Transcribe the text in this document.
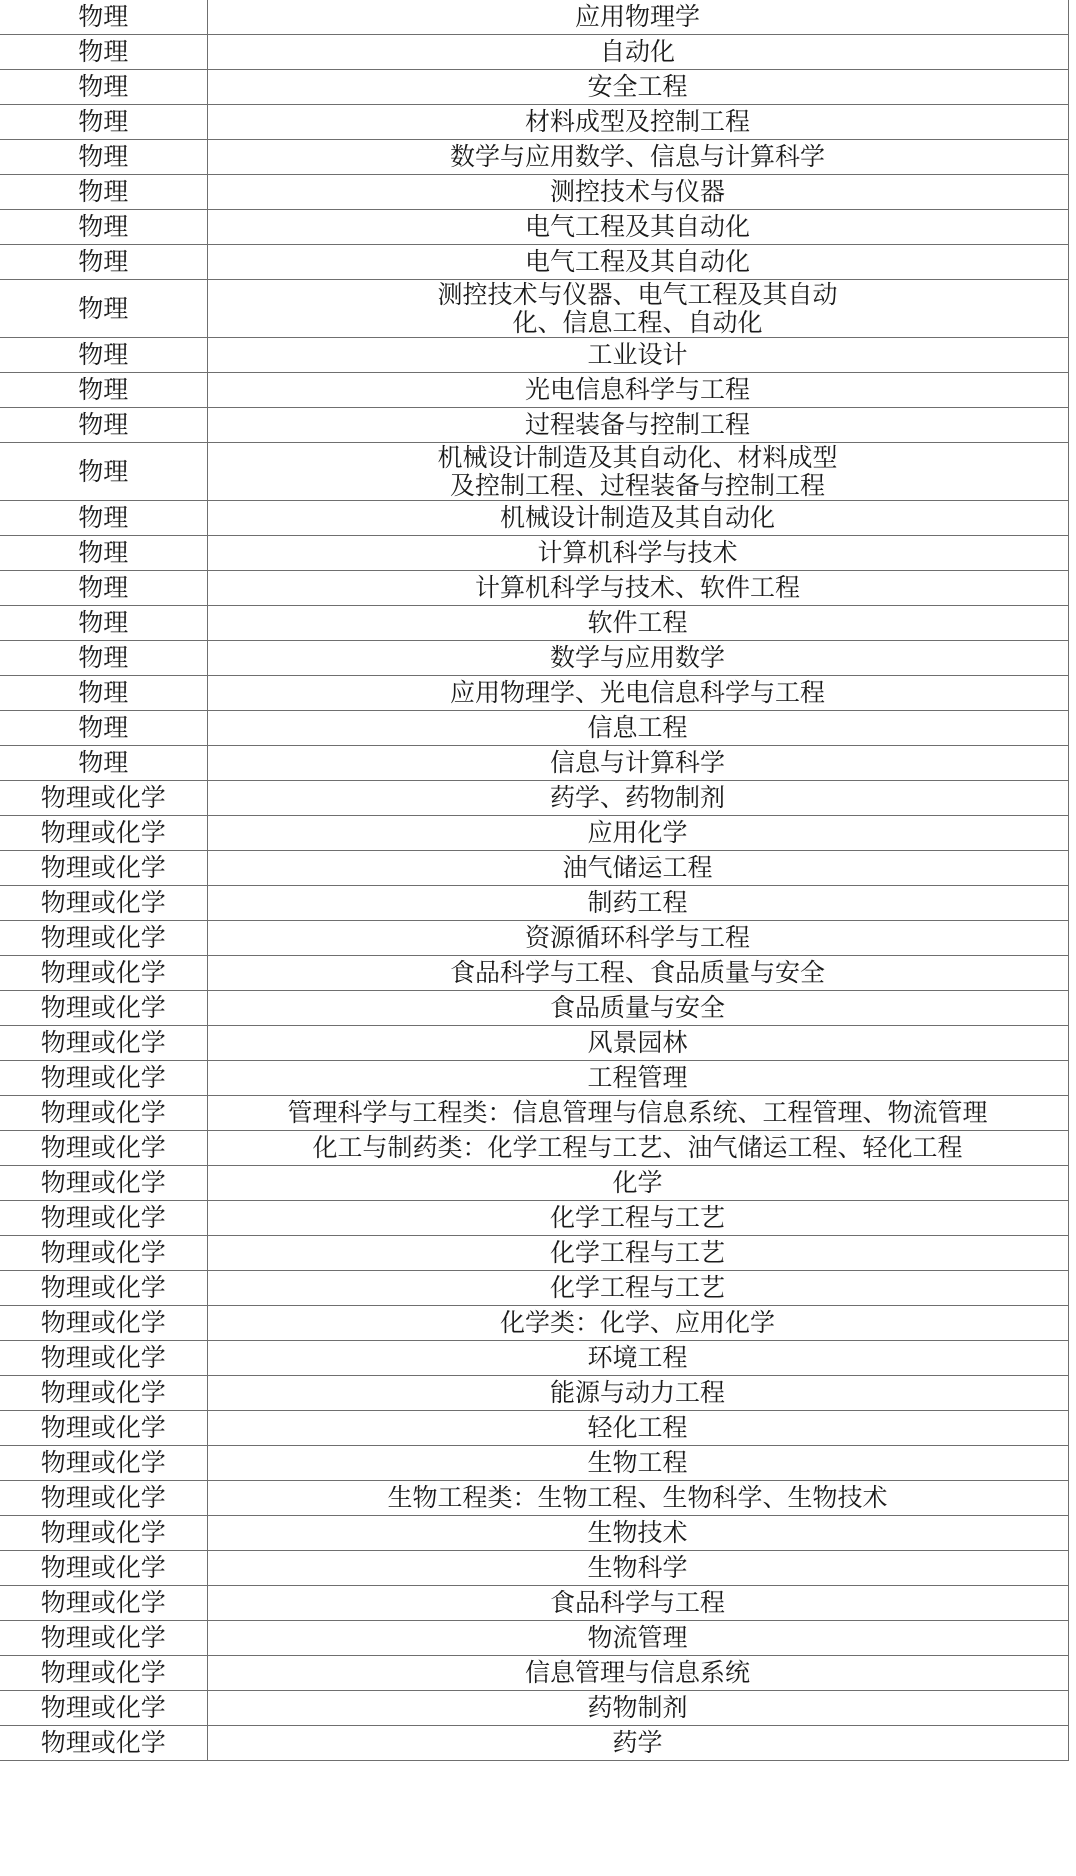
物理	应用物理学
物理	自动化
物理	安全工程
物理	材料成型及控制工程
物理	数学与应用数学、信息与计算科学
物理	测控技术与仪器
物理	电气工程及其自动化
物理	电气工程及其自动化
物理	测控技术与仪器、电气工程及其自动
化、信息工程、自动化
物理	工业设计
物理	光电信息科学与工程
物理	过程装备与控制工程
物理	机械设计制造及其自动化、材料成型
及控制工程、过程装备与控制工程
物理	机械设计制造及其自动化
物理	计算机科学与技术
物理	计算机科学与技术、软件工程
物理	软件工程
物理	数学与应用数学
物理	应用物理学、光电信息科学与工程
物理	信息工程
物理	信息与计算科学
物理或化学	药学、药物制剂
物理或化学	应用化学
物理或化学	油气储运工程
物理或化学	制药工程
物理或化学	资源循环科学与工程
物理或化学	食品科学与工程、食品质量与安全
物理或化学	食品质量与安全
物理或化学	风景园林
物理或化学	工程管理
物理或化学	管理科学与工程类：信息管理与信息系统、工程管理、物流管理
物理或化学	化工与制药类：化学工程与工艺、油气储运工程、轻化工程
物理或化学	化学
物理或化学	化学工程与工艺
物理或化学	化学工程与工艺
物理或化学	化学工程与工艺
物理或化学	化学类：化学、应用化学
物理或化学	环境工程
物理或化学	能源与动力工程
物理或化学	轻化工程
物理或化学	生物工程
物理或化学	生物工程类：生物工程、生物科学、生物技术
物理或化学	生物技术
物理或化学	生物科学
物理或化学	食品科学与工程
物理或化学	物流管理
物理或化学	信息管理与信息系统
物理或化学	药物制剂
物理或化学	药学
